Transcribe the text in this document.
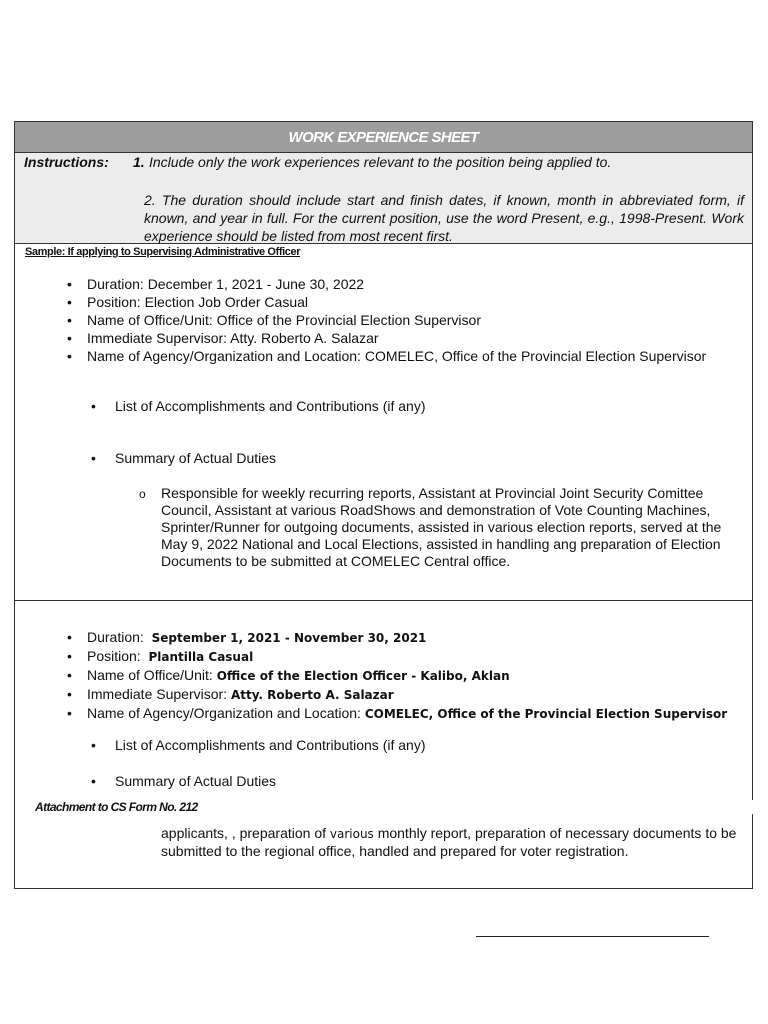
WORK EXPERIENCE SHEET
Instructions: 1. Include only the work experiences relevant to the position being applied to.
2. The duration should include start and finish dates, if known, month in abbreviated form, if known, and year in full. For the current position, use the word Present, e.g., 1998-Present. Work experience should be listed from most recent first.
Sample: If applying to Supervising Administrative Officer
• Duration: December 1, 2021 - June 30, 2022
• Position: Election Job Order Casual
• Name of Office/Unit: Office of the Provincial Election Supervisor
• Immediate Supervisor: Atty. Roberto A. Salazar
• Name of Agency/Organization and Location: COMELEC, Office of the Provincial Election Supervisor
• List of Accomplishments and Contributions (if any)
• Summary of Actual Duties
o Responsible for weekly recurring reports, Assistant at Provincial Joint Security Comittee Council, Assistant at various RoadShows and demonstration of Vote Counting Machines, Sprinter/Runner for outgoing documents, assisted in various election reports, served at the May 9, 2022 National and Local Elections, assisted in handling ang preparation of Election Documents to be submitted at COMELEC Central office.
• Duration: September 1, 2021 - November 30, 2021
• Position: Plantilla Casual
• Name of Office/Unit: Office of the Election Officer - Kalibo, Aklan
• Immediate Supervisor: Atty. Roberto A. Salazar
• Name of Agency/Organization and Location: COMELEC, Office of the Provincial Election Supervisor
• List of Accomplishments and Contributions (if any)
• Summary of Actual Duties
applicants, , preparation of various monthly report, preparation of necessary documents to be submitted to the regional office, handled and prepared for voter registration.
Attachment to CS Form No. 212
